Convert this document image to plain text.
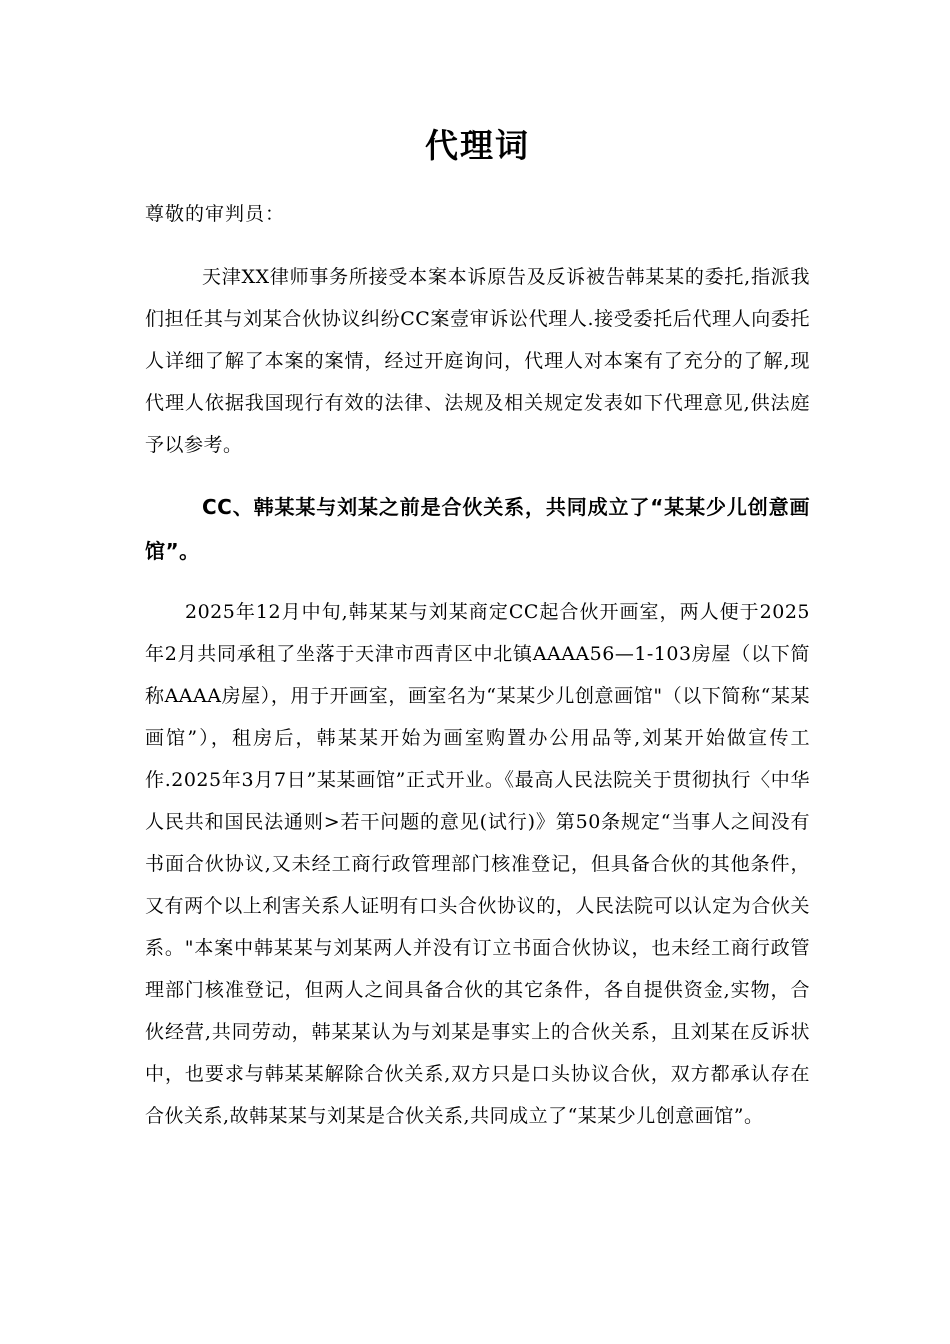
代理词
尊敬的审判员：

天津XX律师事务所接受本案本诉原告及反诉被告韩某某的委托,指派我们担任其与刘某合伙协议纠纷CC案壹审诉讼代理人.接受委托后代理人向委托人详细了解了本案的案情，经过开庭询问，代理人对本案有了充分的了解,现代理人依据我国现行有效的法律、法规及相关规定发表如下代理意见,供法庭予以参考。

CC、韩某某与刘某之前是合伙关系，共同成立了“某某少儿创意画馆”。

2025年12月中旬,韩某某与刘某商定CC起合伙开画室，两人便于2025年2月共同承租了坐落于天津市西青区中北镇AAAA56—1-103房屋（以下简称AAAA房屋），用于开画室，画室名为“某某少儿创意画馆"（以下简称“某某画馆”），租房后，韩某某开始为画室购置办公用品等,刘某开始做宣传工作.2025年3月7日”某某画馆”正式开业。《最高人民法院关于贯彻执行〈中华人民共和国民法通则>若干问题的意见(试行)》第50条规定“当事人之间没有书面合伙协议,又未经工商行政管理部门核准登记，但具备合伙的其他条件，又有两个以上利害关系人证明有口头合伙协议的，人民法院可以认定为合伙关系。"本案中韩某某与刘某两人并没有订立书面合伙协议，也未经工商行政管理部门核准登记，但两人之间具备合伙的其它条件，各自提供资金,实物，合伙经营,共同劳动，韩某某认为与刘某是事实上的合伙关系，且刘某在反诉状中，也要求与韩某某解除合伙关系,双方只是口头协议合伙，双方都承认存在合伙关系,故韩某某与刘某是合伙关系,共同成立了“某某少儿创意画馆”。
